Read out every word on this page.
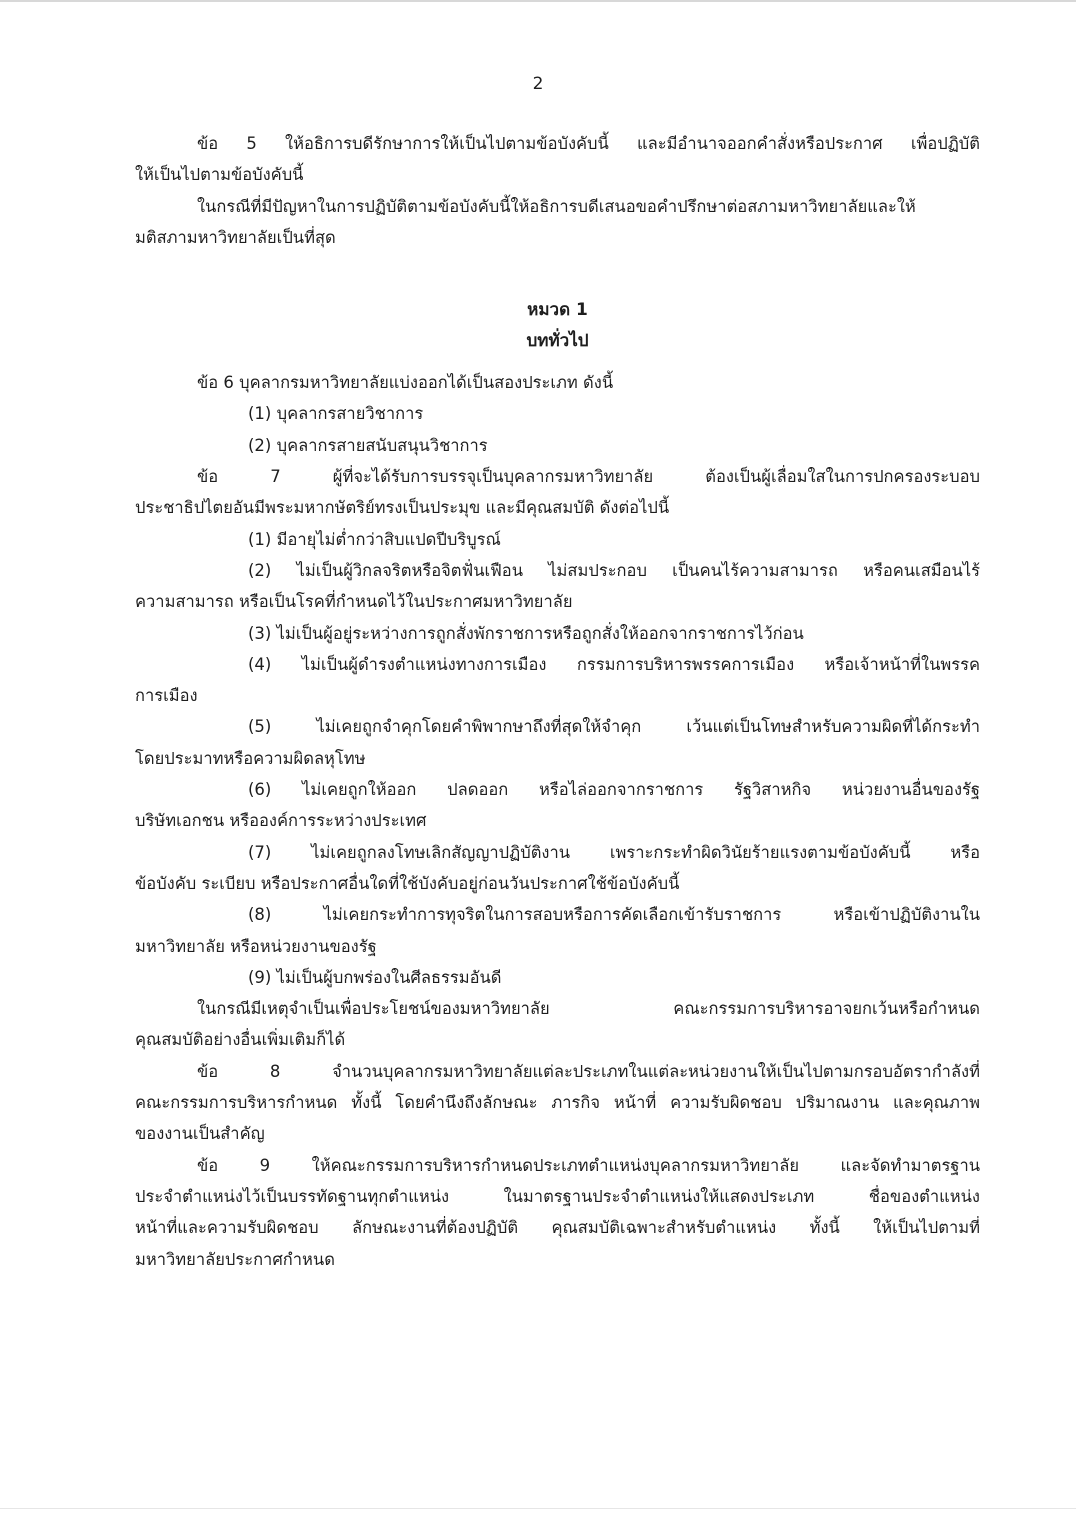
2

ข้อ 5 ให้อธิการบดีรักษาการให้เป็นไปตามข้อบังคับนี้ และมีอำนาจออกคำสั่งหรือประกาศ เพื่อปฏิบัติ

ให้เป็นไปตามข้อบังคับนี้

ในกรณีที่มีปัญหาในการปฏิบัติตามข้อบังคับนี้ให้อธิการบดีเสนอขอคำปรึกษาต่อสภามหาวิทยาลัยและให้

มติสภามหาวิทยาลัยเป็นที่สุด

หมวด 1

บททั่วไป

ข้อ 6 บุคลากรมหาวิทยาลัยแบ่งออกได้เป็นสองประเภท ดังนี้

(1) บุคลากรสายวิชาการ

(2) บุคลากรสายสนับสนุนวิชาการ

ข้อ 7 ผู้ที่จะได้รับการบรรจุเป็นบุคลากรมหาวิทยาลัย ต้องเป็นผู้เลื่อมใสในการปกครองระบอบ

ประชาธิปไตยอันมีพระมหากษัตริย์ทรงเป็นประมุข และมีคุณสมบัติ ดังต่อไปนี้

(1) มีอายุไม่ต่ำกว่าสิบแปดปีบริบูรณ์

(2) ไม่เป็นผู้วิกลจริตหรือจิตฟั่นเฟือน ไม่สมประกอบ เป็นคนไร้ความสามารถ หรือคนเสมือนไร้

ความสามารถ หรือเป็นโรคที่กำหนดไว้ในประกาศมหาวิทยาลัย

(3) ไม่เป็นผู้อยู่ระหว่างการถูกสั่งพักราชการหรือถูกสั่งให้ออกจากราชการไว้ก่อน

(4) ไม่เป็นผู้ดำรงตำแหน่งทางการเมือง กรรมการบริหารพรรคการเมือง หรือเจ้าหน้าที่ในพรรค

การเมือง

(5) ไม่เคยถูกจำคุกโดยคำพิพากษาถึงที่สุดให้จำคุก เว้นแต่เป็นโทษสำหรับความผิดที่ได้กระทำ

โดยประมาทหรือความผิดลหุโทษ

(6) ไม่เคยถูกให้ออก ปลดออก หรือไล่ออกจากราชการ รัฐวิสาหกิจ หน่วยงานอื่นของรัฐ

บริษัทเอกชน หรือองค์การระหว่างประเทศ

(7) ไม่เคยถูกลงโทษเลิกสัญญาปฏิบัติงาน เพราะกระทำผิดวินัยร้ายแรงตามข้อบังคับนี้ หรือ

ข้อบังคับ ระเบียบ หรือประกาศอื่นใดที่ใช้บังคับอยู่ก่อนวันประกาศใช้ข้อบังคับนี้

(8) ไม่เคยกระทำการทุจริตในการสอบหรือการคัดเลือกเข้ารับราชการ หรือเข้าปฏิบัติงานใน

มหาวิทยาลัย หรือหน่วยงานของรัฐ

(9) ไม่เป็นผู้บกพร่องในศีลธรรมอันดี

ในกรณีมีเหตุจำเป็นเพื่อประโยชน์ของมหาวิทยาลัย คณะกรรมการบริหารอาจยกเว้นหรือกำหนด

คุณสมบัติอย่างอื่นเพิ่มเติมก็ได้

ข้อ 8 จำนวนบุคลากรมหาวิทยาลัยแต่ละประเภทในแต่ละหน่วยงานให้เป็นไปตามกรอบอัตรากำลังที่

คณะกรรมการบริหารกำหนด ทั้งนี้ โดยคำนึงถึงลักษณะ ภารกิจ หน้าที่ ความรับผิดชอบ ปริมาณงาน และคุณภาพ

ของงานเป็นสำคัญ

ข้อ 9 ให้คณะกรรมการบริหารกำหนดประเภทตำแหน่งบุคลากรมหาวิทยาลัย และจัดทำมาตรฐาน

ประจำตำแหน่งไว้เป็นบรรทัดฐานทุกตำแหน่ง ในมาตรฐานประจำตำแหน่งให้แสดงประเภท ชื่อของตำแหน่ง

หน้าที่และความรับผิดชอบ ลักษณะงานที่ต้องปฏิบัติ คุณสมบัติเฉพาะสำหรับตำแหน่ง ทั้งนี้ ให้เป็นไปตามที่

มหาวิทยาลัยประกาศกำหนด
